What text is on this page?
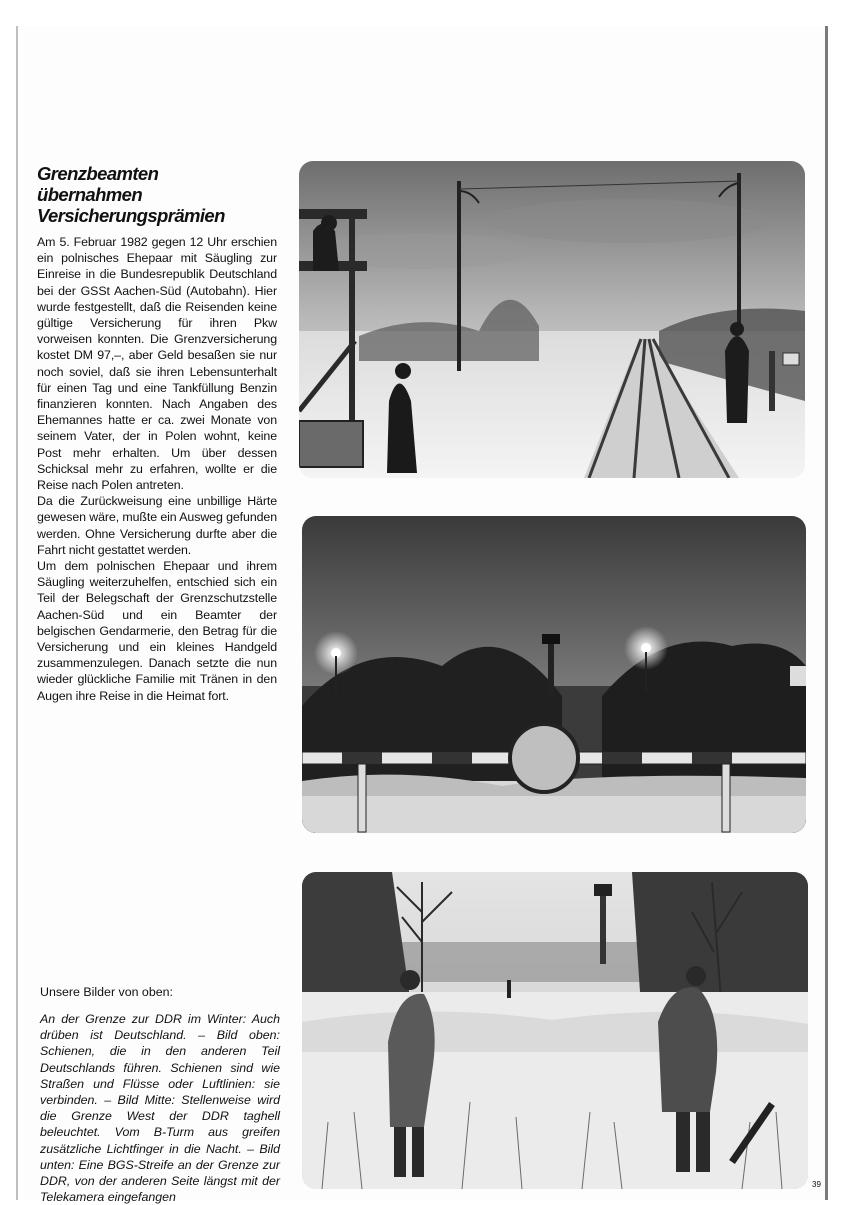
Grenzbeamten
übernahmen
Versicherungsprämien

Am 5. Februar 1982 gegen 12 Uhr erschien ein polnisches Ehepaar mit Säugling zur Einreise in die Bundesrepublik Deutschland bei der GSSt Aachen-Süd (Autobahn). Hier wurde festgestellt, daß die Reisenden keine gültige Versicherung für ihren Pkw vorweisen konnten. Die Grenzversicherung kostet DM 97,–, aber Geld besaßen sie nur noch soviel, daß sie ihren Lebensunterhalt für einen Tag und eine Tankfüllung Benzin finanzieren konnten. Nach Angaben des Ehemannes hatte er ca. zwei Monate von seinem Vater, der in Polen wohnt, keine Post mehr erhalten. Um über dessen Schicksal mehr zu erfahren, wollte er die Reise nach Polen antreten.

Da die Zurückweisung eine unbillige Härte gewesen wäre, mußte ein Ausweg gefunden werden. Ohne Versicherung durfte aber die Fahrt nicht gestattet werden.

Um dem polnischen Ehepaar und ihrem Säugling weiterzuhelfen, entschied sich ein Teil der Belegschaft der Grenzschutzstelle Aachen-Süd und ein Beamter der belgischen Gendarmerie, den Betrag für die Versicherung und ein kleines Handgeld zusammenzulegen. Danach setzte die nun wieder glückliche Familie mit Tränen in den Augen ihre Reise in die Heimat fort.

Unsere Bilder von oben:
An der Grenze zur DDR im Winter: Auch drüben ist Deutschland. – Bild oben: Schienen, die in den anderen Teil Deutschlands führen. Schienen sind wie Straßen und Flüsse oder Luftlinien: sie verbinden. – Bild Mitte: Stellenweise wird die Grenze West der DDR taghell beleuchtet. Vom B-Turm aus greifen zusätzliche Lichtfinger in die Nacht. – Bild unten: Eine BGS-Streife an der Grenze zur DDR, von der anderen Seite längst mit der Telekamera eingefangen
39
